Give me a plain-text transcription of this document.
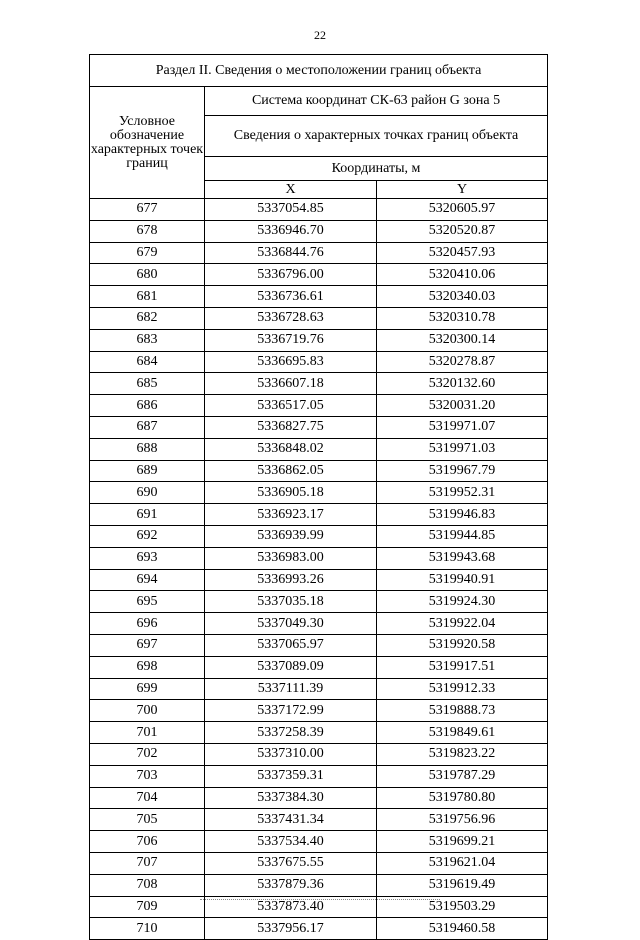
22
Раздел II. Сведения о местоположении границ объекта		
Условное обозначение характерных точек границ	Система координат СК-63 район G зона 5	
	Сведения о характерных точках границ объекта	
	Координаты, м	
	X	Y
677	5337054.85	5320605.97
678	5336946.70	5320520.87
679	5336844.76	5320457.93
680	5336796.00	5320410.06
681	5336736.61	5320340.03
682	5336728.63	5320310.78
683	5336719.76	5320300.14
684	5336695.83	5320278.87
685	5336607.18	5320132.60
686	5336517.05	5320031.20
687	5336827.75	5319971.07
688	5336848.02	5319971.03
689	5336862.05	5319967.79
690	5336905.18	5319952.31
691	5336923.17	5319946.83
692	5336939.99	5319944.85
693	5336983.00	5319943.68
694	5336993.26	5319940.91
695	5337035.18	5319924.30
696	5337049.30	5319922.04
697	5337065.97	5319920.58
698	5337089.09	5319917.51
699	5337111.39	5319912.33
700	5337172.99	5319888.73
701	5337258.39	5319849.61
702	5337310.00	5319823.22
703	5337359.31	5319787.29
704	5337384.30	5319780.80
705	5337431.34	5319756.96
706	5337534.40	5319699.21
707	5337675.55	5319621.04
708	5337879.36	5319619.49
709	5337873.40	5319503.29
710	5337956.17	5319460.58
